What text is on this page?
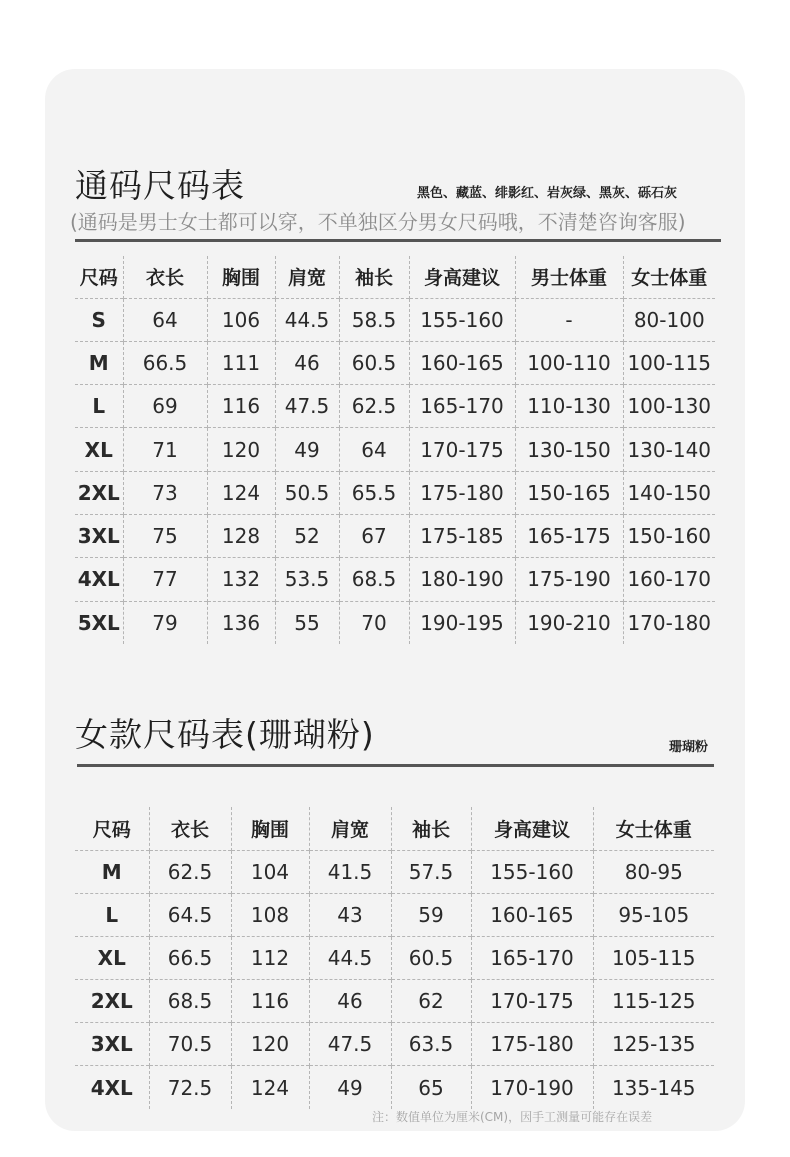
通码尺码表	黑色、藏蓝、绯影红、岩灰绿、黑灰、砾石灰
(通码是男士女士都可以穿，不单独区分男女尺码哦，不清楚咨询客服)
尺码	衣长	胸围	肩宽	袖长	身高建议	男士体重	女士体重
S	64	106	44.5	58.5	155-160	-	80-100
M	66.5	111	46	60.5	160-165	100-110	100-115
L	69	116	47.5	62.5	165-170	110-130	100-130
XL	71	120	49	64	170-175	130-150	130-140
2XL	73	124	50.5	65.5	175-180	150-165	140-150
3XL	75	128	52	67	175-185	165-175	150-160
4XL	77	132	53.5	68.5	180-190	175-190	160-170
5XL	79	136	55	70	190-195	190-210	170-180
女款尺码表(珊瑚粉)	珊瑚粉
尺码	衣长	胸围	肩宽	袖长	身高建议	女士体重
M	62.5	104	41.5	57.5	155-160	80-95
L	64.5	108	43	59	160-165	95-105
XL	66.5	112	44.5	60.5	165-170	105-115
2XL	68.5	116	46	62	170-175	115-125
3XL	70.5	120	47.5	63.5	175-180	125-135
4XL	72.5	124	49	65	170-190	135-145
注：数值单位为厘米(CM)，因手工测量可能存在误差
